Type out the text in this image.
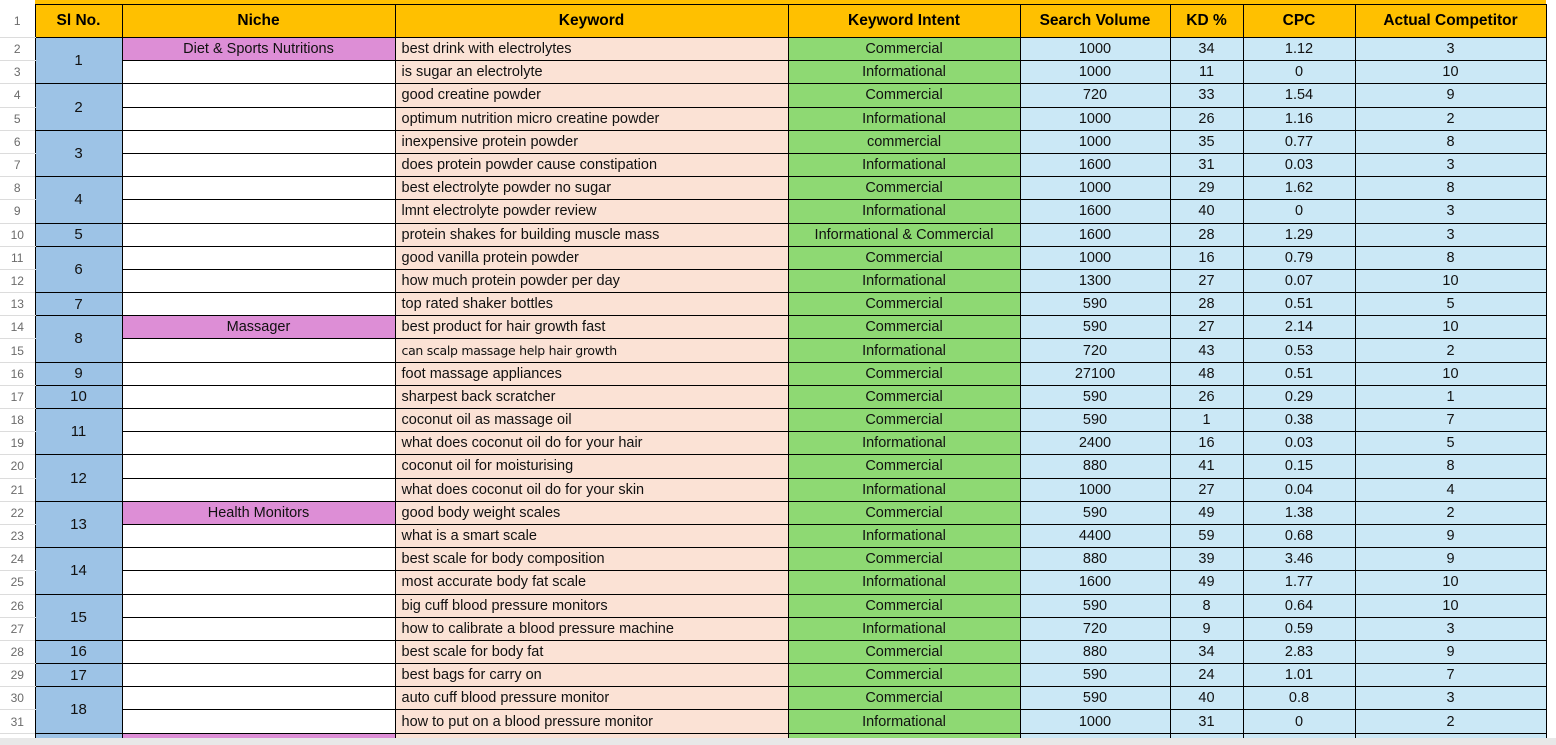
1	Sl No.	Niche	Keyword	Keyword Intent	Search Volume	KD %	CPC	Actual Competitor
2	1	Diet & Sports Nutritions	best drink with electrolytes	Commercial	1000	34	1.12	3
3			is sugar an electrolyte	Informational	1000	11	0	10
4	2		good creatine powder	Commercial	720	33	1.54	9
5			optimum nutrition micro creatine powder	Informational	1000	26	1.16	2
6	3		inexpensive protein powder	commercial	1000	35	0.77	8
7			does protein powder cause constipation	Informational	1600	31	0.03	3
8	4		best electrolyte powder no sugar	Commercial	1000	29	1.62	8
9			lmnt electrolyte powder review	Informational	1600	40	0	3
10	5		protein shakes for building muscle mass	Informational & Commercial	1600	28	1.29	3
11	6		good vanilla protein powder	Commercial	1000	16	0.79	8
12			how much protein powder per day	Informational	1300	27	0.07	10
13	7		top rated shaker bottles	Commercial	590	28	0.51	5
14	8	Massager	best product for hair growth fast	Commercial	590	27	2.14	10
15			can scalp massage help hair growth	Informational	720	43	0.53	2
16	9		foot massage appliances	Commercial	27100	48	0.51	10
17	10		sharpest back scratcher	Commercial	590	26	0.29	1
18	11		coconut oil as massage oil	Commercial	590	1	0.38	7
19			what does coconut oil do for your hair	Informational	2400	16	0.03	5
20	12		coconut oil for moisturising	Commercial	880	41	0.15	8
21			what does coconut oil do for your skin	Informational	1000	27	0.04	4
22	13	Health Monitors	good body weight scales	Commercial	590	49	1.38	2
23			what is a smart scale	Informational	4400	59	0.68	9
24	14		best scale for body composition	Commercial	880	39	3.46	9
25			most accurate body fat scale	Informational	1600	49	1.77	10
26	15		big cuff blood pressure monitors	Commercial	590	8	0.64	10
27			how to calibrate a blood pressure machine	Informational	720	9	0.59	3
28	16		best scale for body fat	Commercial	880	34	2.83	9
29	17		best bags for carry on	Commercial	590	24	1.01	7
30	18		auto cuff blood pressure monitor	Commercial	590	40	0.8	3
31			how to put on a blood pressure monitor	Informational	1000	31	0	2
